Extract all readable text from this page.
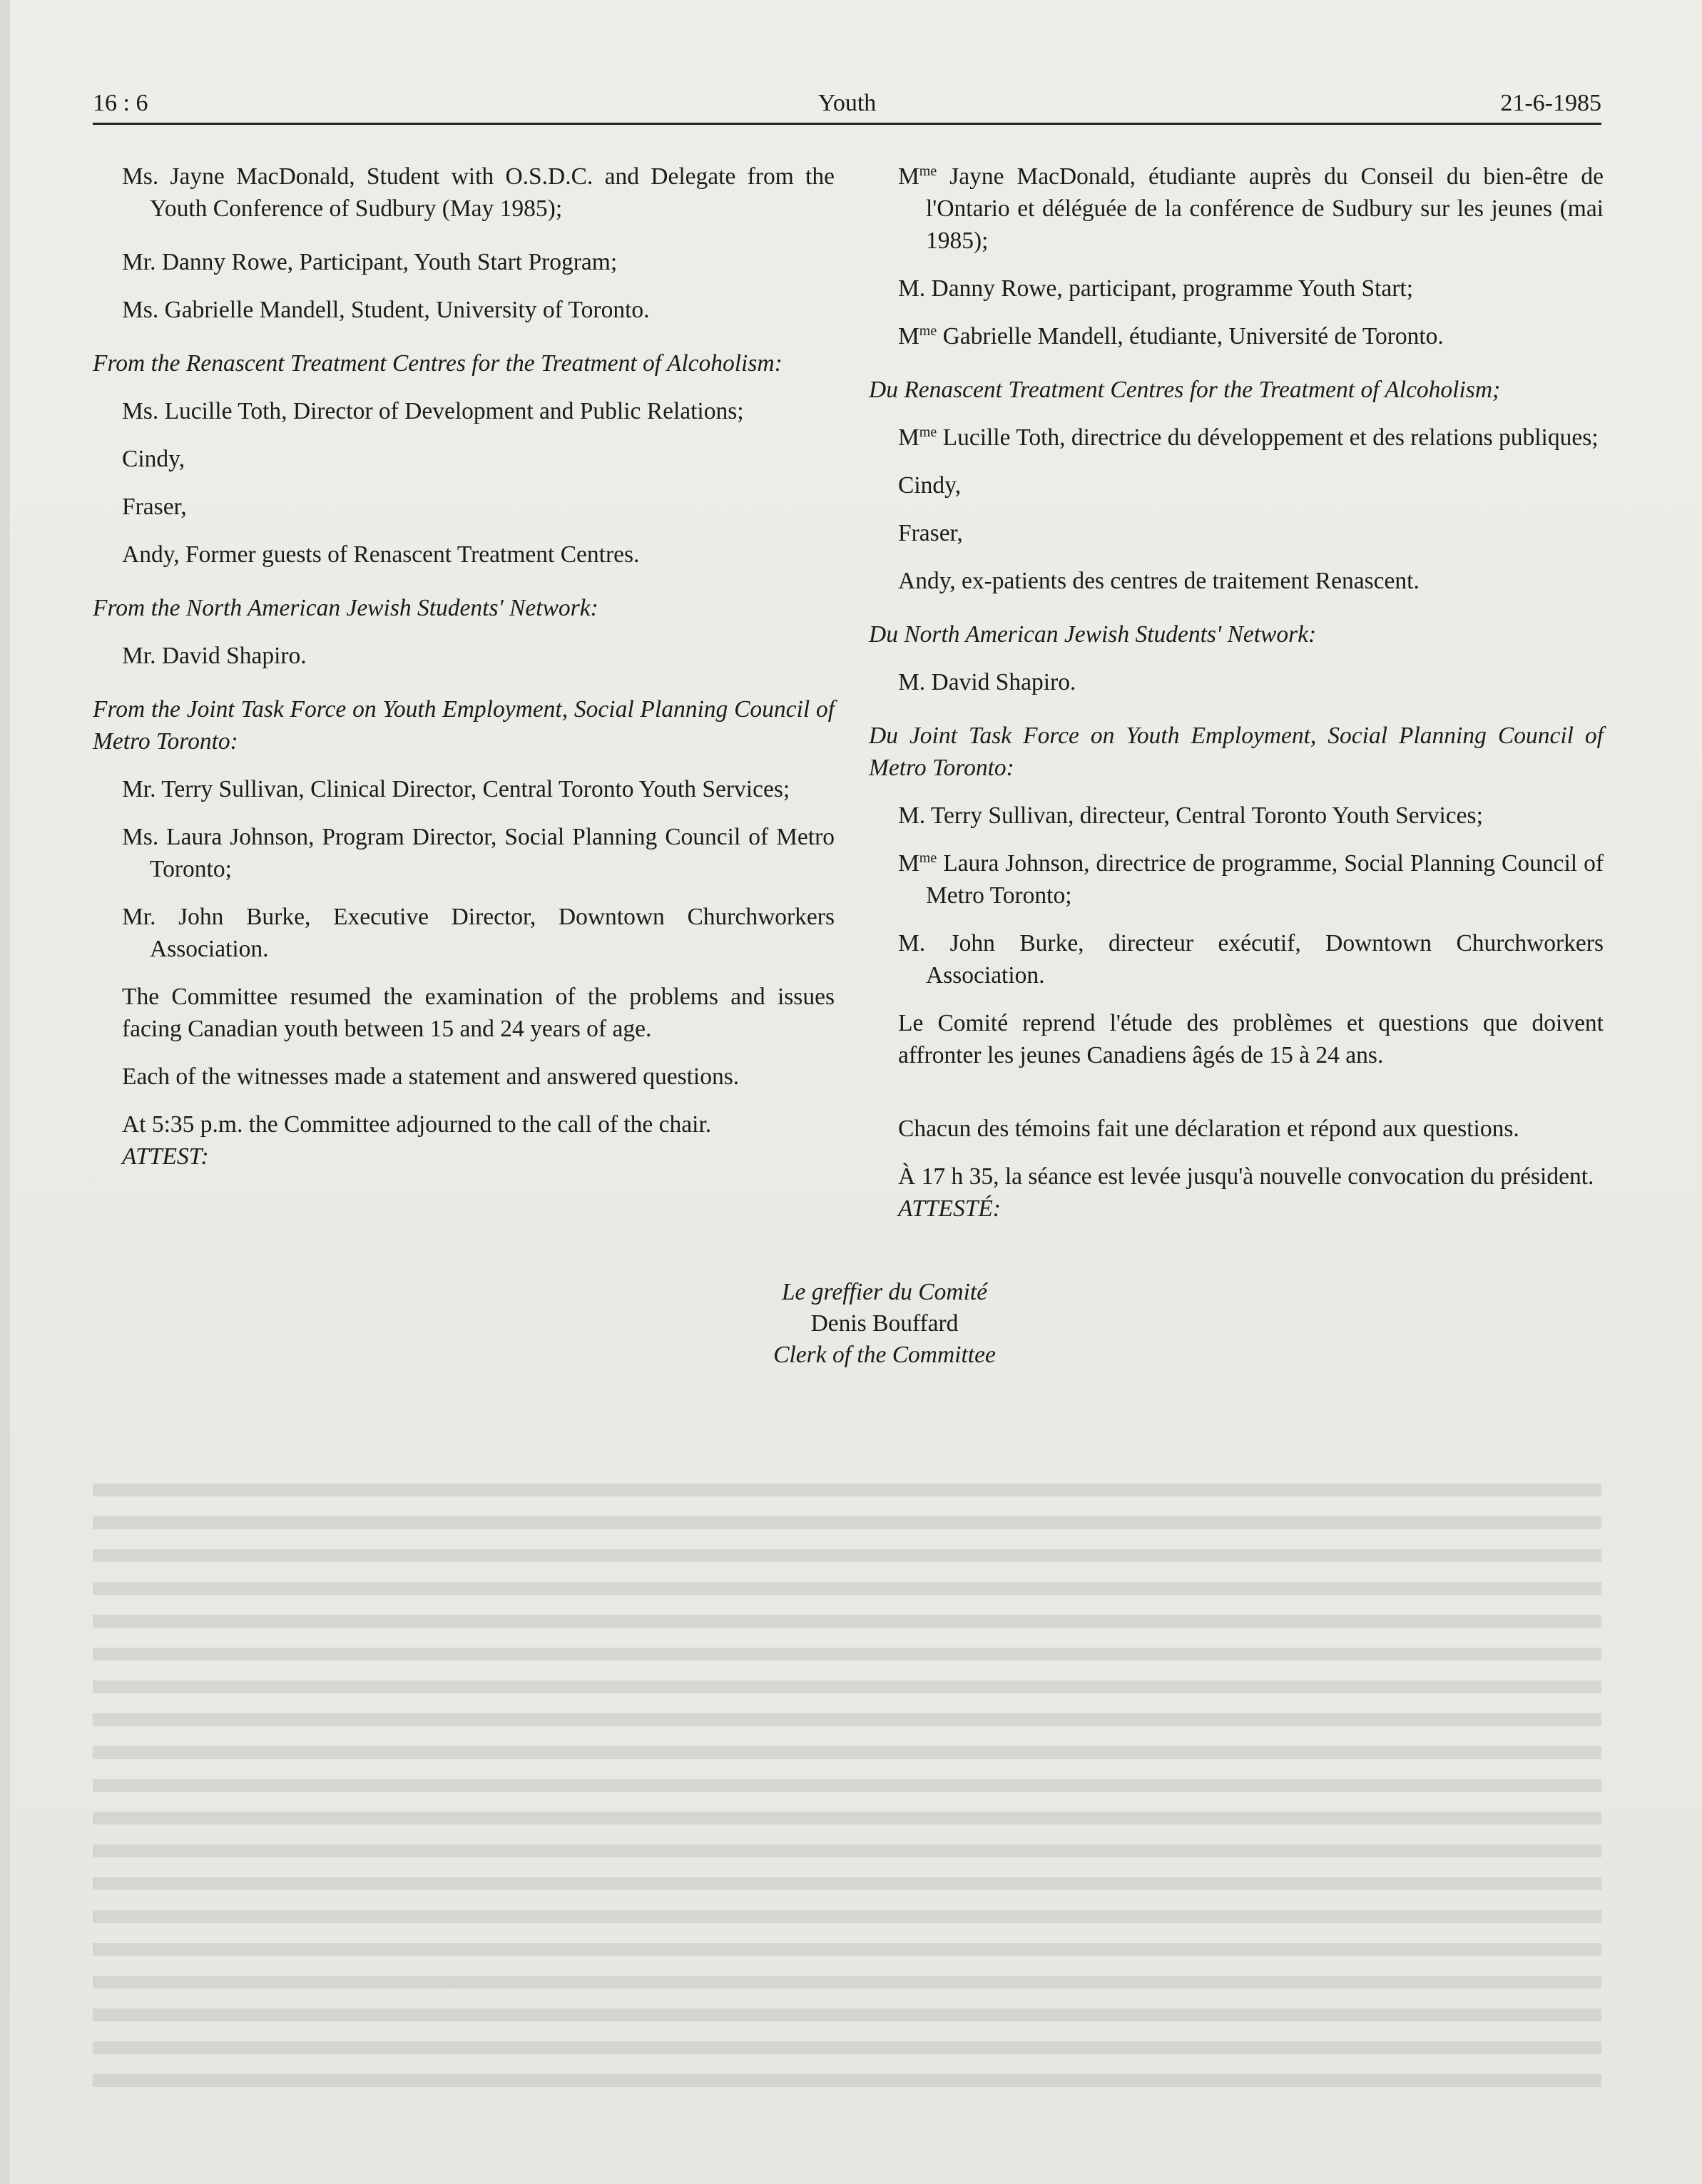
16 : 6	Youth	21-6-1985

Ms. Jayne MacDonald, Student with O.S.D.C. and Delegate from the Youth Conference of Sudbury (May 1985);

Mr. Danny Rowe, Participant, Youth Start Program;

Ms. Gabrielle Mandell, Student, University of Toronto.

From the Renascent Treatment Centres for the Treatment of Alcoholism:

Ms. Lucille Toth, Director of Development and Public Relations;

Cindy,

Fraser,

Andy, Former guests of Renascent Treatment Centres.

From the North American Jewish Students' Network:

Mr. David Shapiro.

From the Joint Task Force on Youth Employment, Social Planning Council of Metro Toronto:

Mr. Terry Sullivan, Clinical Director, Central Toronto Youth Services;

Ms. Laura Johnson, Program Director, Social Planning Council of Metro Toronto;

Mr. John Burke, Executive Director, Downtown Churchworkers Association.

The Committee resumed the examination of the problems and issues facing Canadian youth between 15 and 24 years of age.

Each of the witnesses made a statement and answered questions.

At 5:35 p.m. the Committee adjourned to the call of the chair.

ATTEST:

$M^{me}$ Jayne MacDonald, étudiante auprès du Conseil du bien-être de l'Ontario et déléguée de la conférence de Sudbury sur les jeunes (mai 1985);

M. Danny Rowe, participant, programme Youth Start;

$M^{me}$ Gabrielle Mandell, étudiante, Université de Toronto.

Du Renascent Treatment Centres for the Treatment of Alcoholism;

$M^{me}$ Lucille Toth, directrice du développement et des relations publiques;

Cindy,

Fraser,

Andy, ex-patients des centres de traitement Renascent.

Du North American Jewish Students' Network:

M. David Shapiro.

Du Joint Task Force on Youth Employment, Social Planning Council of Metro Toronto:

M. Terry Sullivan, directeur, Central Toronto Youth Services;

$M^{me}$ Laura Johnson, directrice de programme, Social Planning Council of Metro Toronto;

M. John Burke, directeur exécutif, Downtown Churchworkers Association.

Le Comité reprend l'étude des problèmes et questions que doivent affronter les jeunes Canadiens âgés de 15 à 24 ans.

Chacun des témoins fait une déclaration et répond aux questions.

À 17 h 35, la séance est levée jusqu'à nouvelle convocation du président.

ATTESTÉ:

Le greffier du Comité

Denis Bouffard

Clerk of the Committee
